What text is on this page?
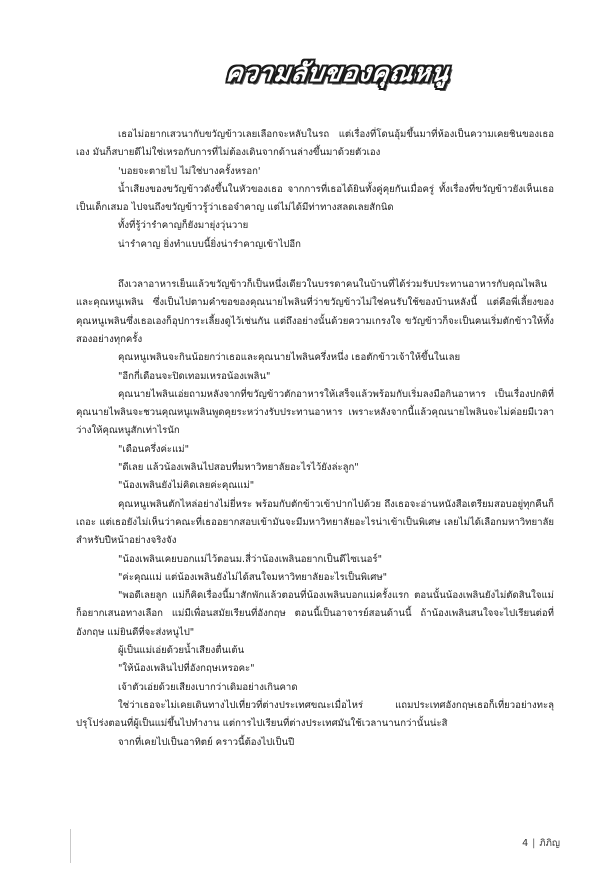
ความลับของคุณหนู

เธอไม่อยากเสวนากับขวัญข้าวเลยเลือกจะหลับในรถ แต่เรื่องที่โดนอุ้มขึ้นมาที่ห้องเป็นความเคยชินของเธอเอง มันก็สบายดีไม่ใช่เหรอกับการที่ไม่ต้องเดินจากด้านล่างขึ้นมาด้วยตัวเอง

'บอยจะตายไป ไม่ใช่บางครั้งหรอก'

น้ำเสียงของขวัญข้าวดังขึ้นในหัวของเธอ จากการที่เธอได้ยินทั้งคู่คุยกันเมื่อครู่ ทั้งเรื่องที่ขวัญข้าวยังเห็นเธอเป็นเด็กเสมอ ไปจนถึงขวัญข้าวรู้ว่าเธอจำคาญ แต่ไม่ได้มีท่าทางสลดเลยสักนิด

ทั้งที่รู้ว่ารำคาญก็ยังมายุ่งวุ่นวาย

น่ารำคาญ ยิ่งทำแบบนี้ยิ่งน่ารำคาญเข้าไปอีก

ถึงเวลาอาหารเย็นแล้วขวัญข้าวก็เป็นหนึ่งเดียวในบรรดาคนในบ้านที่ได้ร่วมรับประทานอาหารกับคุณไพลินและคุณหนูเพลิน ซึ่งเป็นไปตามคำขอของคุณนายไพลินที่ว่าขวัญข้าวไม่ใช่คนรับใช้ของบ้านหลังนี้ แต่คือพี่เลี้ยงของคุณหนูเพลินซึ่งเธอเองก็อุปการะเลี้ยงดูไว้เช่นกัน แต่ถึงอย่างนั้นด้วยความเกรงใจ ขวัญข้าวก็จะเป็นคนเริ่มตักข้าวให้ทั้งสองอย่างทุกครั้ง

คุณหนูเพลินจะกินน้อยกว่าเธอและคุณนายไพลินครึ่งหนึ่ง เธอตักข้าวเจ้าให้ขึ้นในเลย

"อีกกี่เดือนจะปิดเทอมเหรอน้องเพลิน"

คุณนายไพลินเอ่ยถามหลังจากที่ขวัญข้าวตักอาหารให้เสร็จแล้วพร้อมกับเริ่มลงมือกินอาหาร เป็นเรื่องปกติที่คุณนายไพลินจะชวนคุณหนูเพลินพูดคุยระหว่างรับประทานอาหาร เพราะหลังจากนี้แล้วคุณนายไพลินจะไม่ค่อยมีเวลาว่างให้คุณหนูสักเท่าไรนัก

"เดือนครึ่งค่ะแม่"

"ดีเลย แล้วน้องเพลินไปสอบที่มหาวิทยาลัยอะไรไว้ยังล่ะลูก"

"น้องเพลินยังไม่คิดเลยค่ะคุณแม่"

คุณหนูเพลินตักไหล่อย่างไม่ยี่หระ พร้อมกับตักข้าวเข้าปากไปด้วย ถึงเธอจะอ่านหนังสือเตรียมสอบอยู่ทุกคืนก็เถอะ แต่เธอยังไม่เห็นว่าคณะที่เธออยากสอบเข้ามันจะมีมหาวิทยาลัยอะไรน่าเข้าเป็นพิเศษ เลยไม่ได้เลือกมหาวิทยาลัยสำหรับปีหน้าอย่างจริงจัง

"น้องเพลินเคยบอกแม่ไว้ตอนม.สี่ว่าน้องเพลินอยากเป็นดีไซเนอร์"

"ค่ะคุณแม่ แต่น้องเพลินยังไม่ได้สนใจมหาวิทยาลัยอะไรเป็นพิเศษ"

"พอดีเลยลูก แม่ก็คิดเรื่องนี้มาสักพักแล้วตอนที่น้องเพลินบอกแม่ครั้งแรก ตอนนั้นน้องเพลินยังไม่ตัดสินใจแม่ก็อยากเสนอทางเลือก แม่มีเพื่อนสมัยเรียนที่อังกฤษ ตอนนี้เป็นอาจารย์สอนด้านนี้ ถ้าน้องเพลินสนใจจะไปเรียนต่อที่อังกฤษ แม่ยินดีที่จะส่งหนูไป"

ผู้เป็นแม่เอ่ยด้วยน้ำเสียงตื่นเต้น

"ให้น้องเพลินไปที่อังกฤษเหรอคะ"

เจ้าตัวเอ่ยด้วยเสียงเบากว่าเดิมอย่างเกินคาด

ใช่ว่าเธอจะไม่เคยเดินทางไปเที่ยวที่ต่างประเทศขณะเมื่อไหร่ แถมประเทศอังกฤษเธอก็เที่ยวอย่างทะลุปรุโปร่งตอนที่ผู้เป็นแม่ขึ้นไปทำงาน แต่การไปเรียนที่ต่างประเทศมันใช้เวลานานกว่านั้นน่ะสิ

จากที่เคยไปเป็นอาทิตย์ คราวนี้ต้องไปเป็นปี

4 | ภิภิญ
